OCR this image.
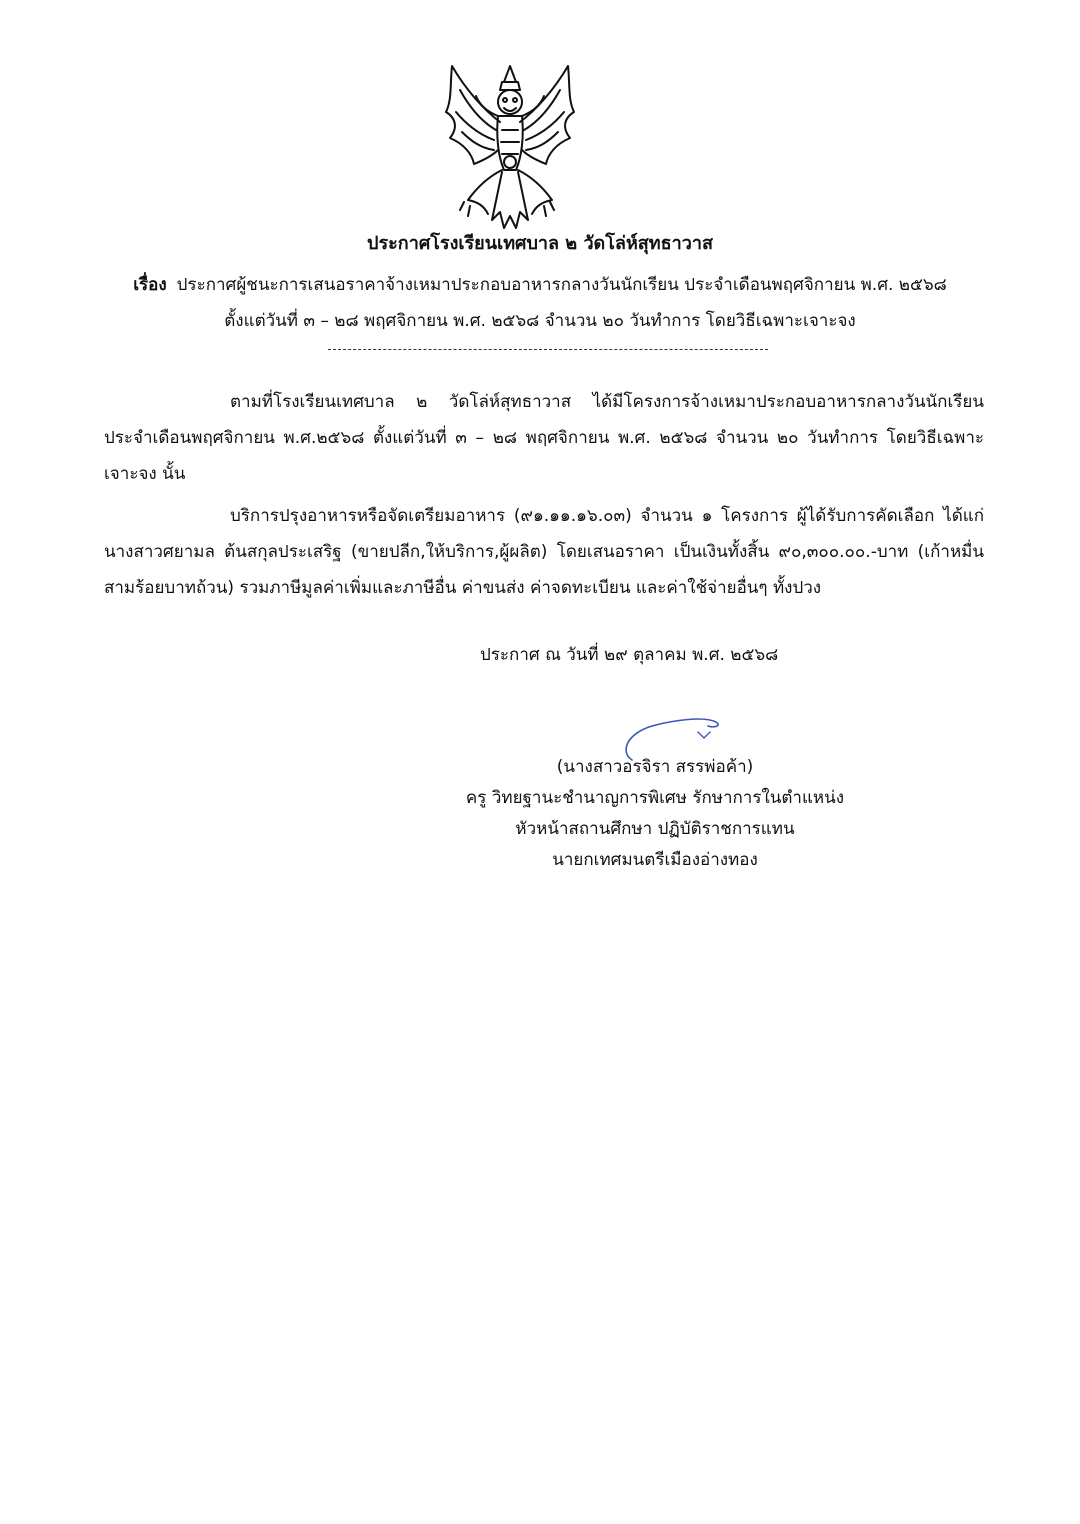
ประกาศโรงเรียนเทศบาล ๒ วัดโล่ห์สุทธาวาส
เรื่อง ประกาศผู้ชนะการเสนอราคาจ้างเหมาประกอบอาหารกลางวันนักเรียน ประจำเดือนพฤศจิกายน พ.ศ. ๒๕๖๘
ตั้งแต่วันที่ ๓ – ๒๘ พฤศจิกายน พ.ศ. ๒๕๖๘ จำนวน ๒๐ วันทำการ โดยวิธีเฉพาะเจาะจง
ตามที่โรงเรียนเทศบาล ๒ วัดโล่ห์สุทธาวาส ได้มีโครงการจ้างเหมาประกอบอาหารกลางวันนักเรียน ประจำเดือนพฤศจิกายน พ.ศ.๒๕๖๘ ตั้งแต่วันที่ ๓ – ๒๘ พฤศจิกายน พ.ศ. ๒๕๖๘ จำนวน ๒๐ วันทำการ โดยวิธีเฉพาะเจาะจง นั้น
บริการปรุงอาหารหรือจัดเตรียมอาหาร (๙๑.๑๑.๑๖.๐๓) จำนวน ๑ โครงการ ผู้ได้รับการคัดเลือก ได้แก่ นางสาวศยามล ต้นสกุลประเสริฐ (ขายปลีก,ให้บริการ,ผู้ผลิต) โดยเสนอราคา เป็นเงินทั้งสิ้น ๙๐,๓๐๐.๐๐.-บาท (เก้าหมื่นสามร้อยบาทถ้วน) รวมภาษีมูลค่าเพิ่มและภาษีอื่น ค่าขนส่ง ค่าจดทะเบียน และค่าใช้จ่ายอื่นๆ ทั้งปวง
ประกาศ ณ วันที่ ๒๙ ตุลาคม พ.ศ. ๒๕๖๘
(นางสาวอรจิรา สรรพ่อค้า)
ครู วิทยฐานะชำนาญการพิเศษ รักษาการในตำแหน่ง
หัวหน้าสถานศึกษา ปฏิบัติราชการแทน
นายกเทศมนตรีเมืองอ่างทอง
